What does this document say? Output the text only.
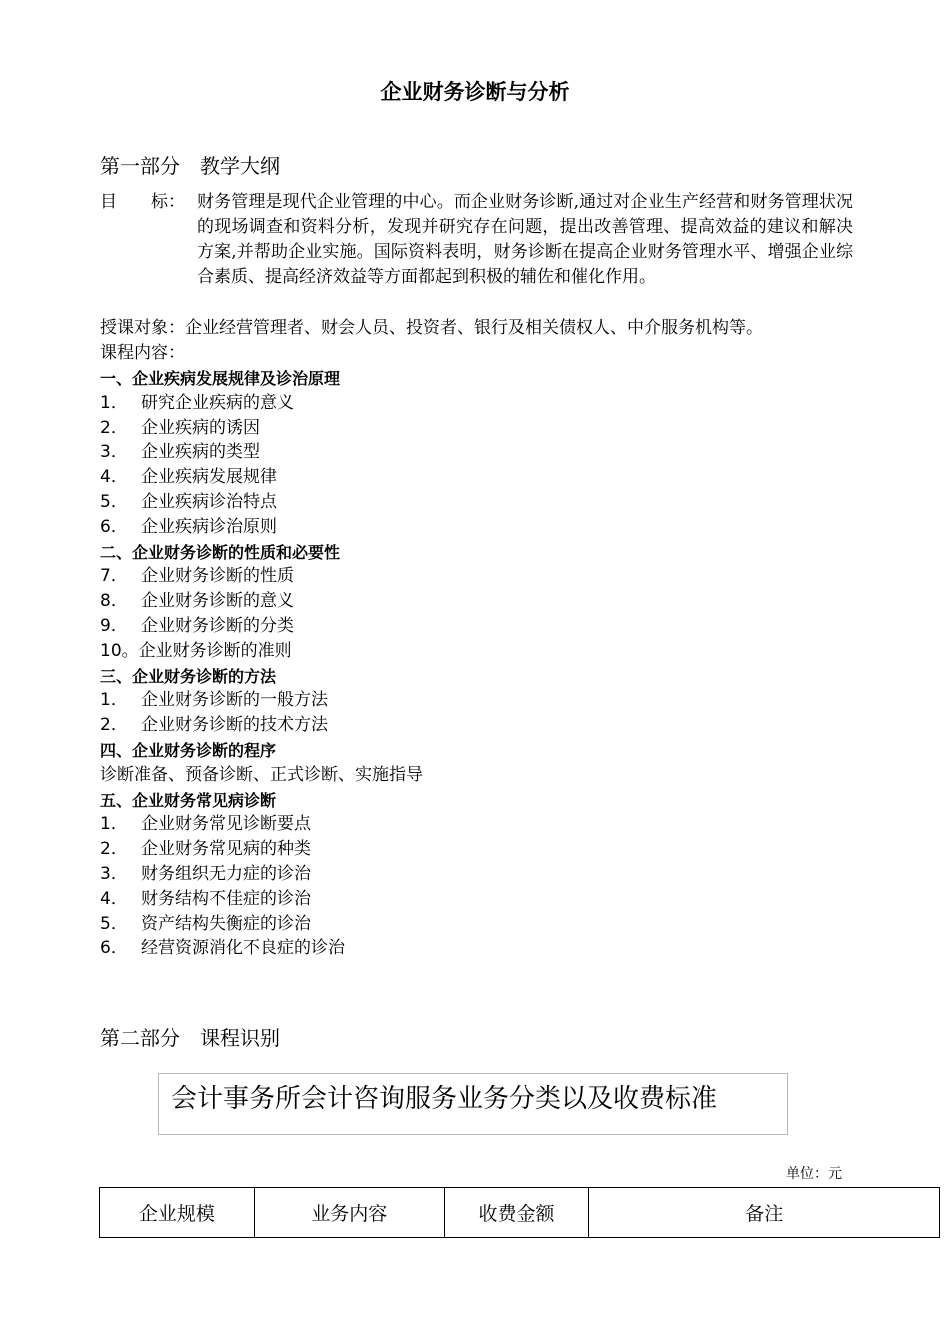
企业财务诊断与分析
第一部分　教学大纲
目　　标： 财务管理是现代企业管理的中心。而企业财务诊断,通过对企业生产经营和财务管理状况的现场调查和资料分析，发现并研究存在问题，提出改善管理、提高效益的建议和解决方案,并帮助企业实施。国际资料表明，财务诊断在提高企业财务管理水平、增强企业综合素质、提高经济效益等方面都起到积极的辅佐和催化作用。
授课对象：企业经营管理者、财会人员、投资者、银行及相关债权人、中介服务机构等。
课程内容：
一、企业疾病发展规律及诊治原理
1． 研究企业疾病的意义
2． 企业疾病的诱因
3． 企业疾病的类型
4． 企业疾病发展规律
5． 企业疾病诊治特点
6． 企业疾病诊治原则
二、企业财务诊断的性质和必要性
7． 企业财务诊断的性质
8． 企业财务诊断的意义
9． 企业财务诊断的分类
10。企业财务诊断的准则
三、企业财务诊断的方法
1． 企业财务诊断的一般方法
2． 企业财务诊断的技术方法
四、企业财务诊断的程序
诊断准备、预备诊断、正式诊断、实施指导
五、企业财务常见病诊断
1． 企业财务常见诊断要点
2． 企业财务常见病的种类
3． 财务组织无力症的诊治
4． 财务结构不佳症的诊治
5． 资产结构失衡症的诊治
6． 经营资源消化不良症的诊治
第二部分　课程识别
会计事务所会计咨询服务业务分类以及收费标准
单位：元
企业规模	业务内容	收费金额	备注
